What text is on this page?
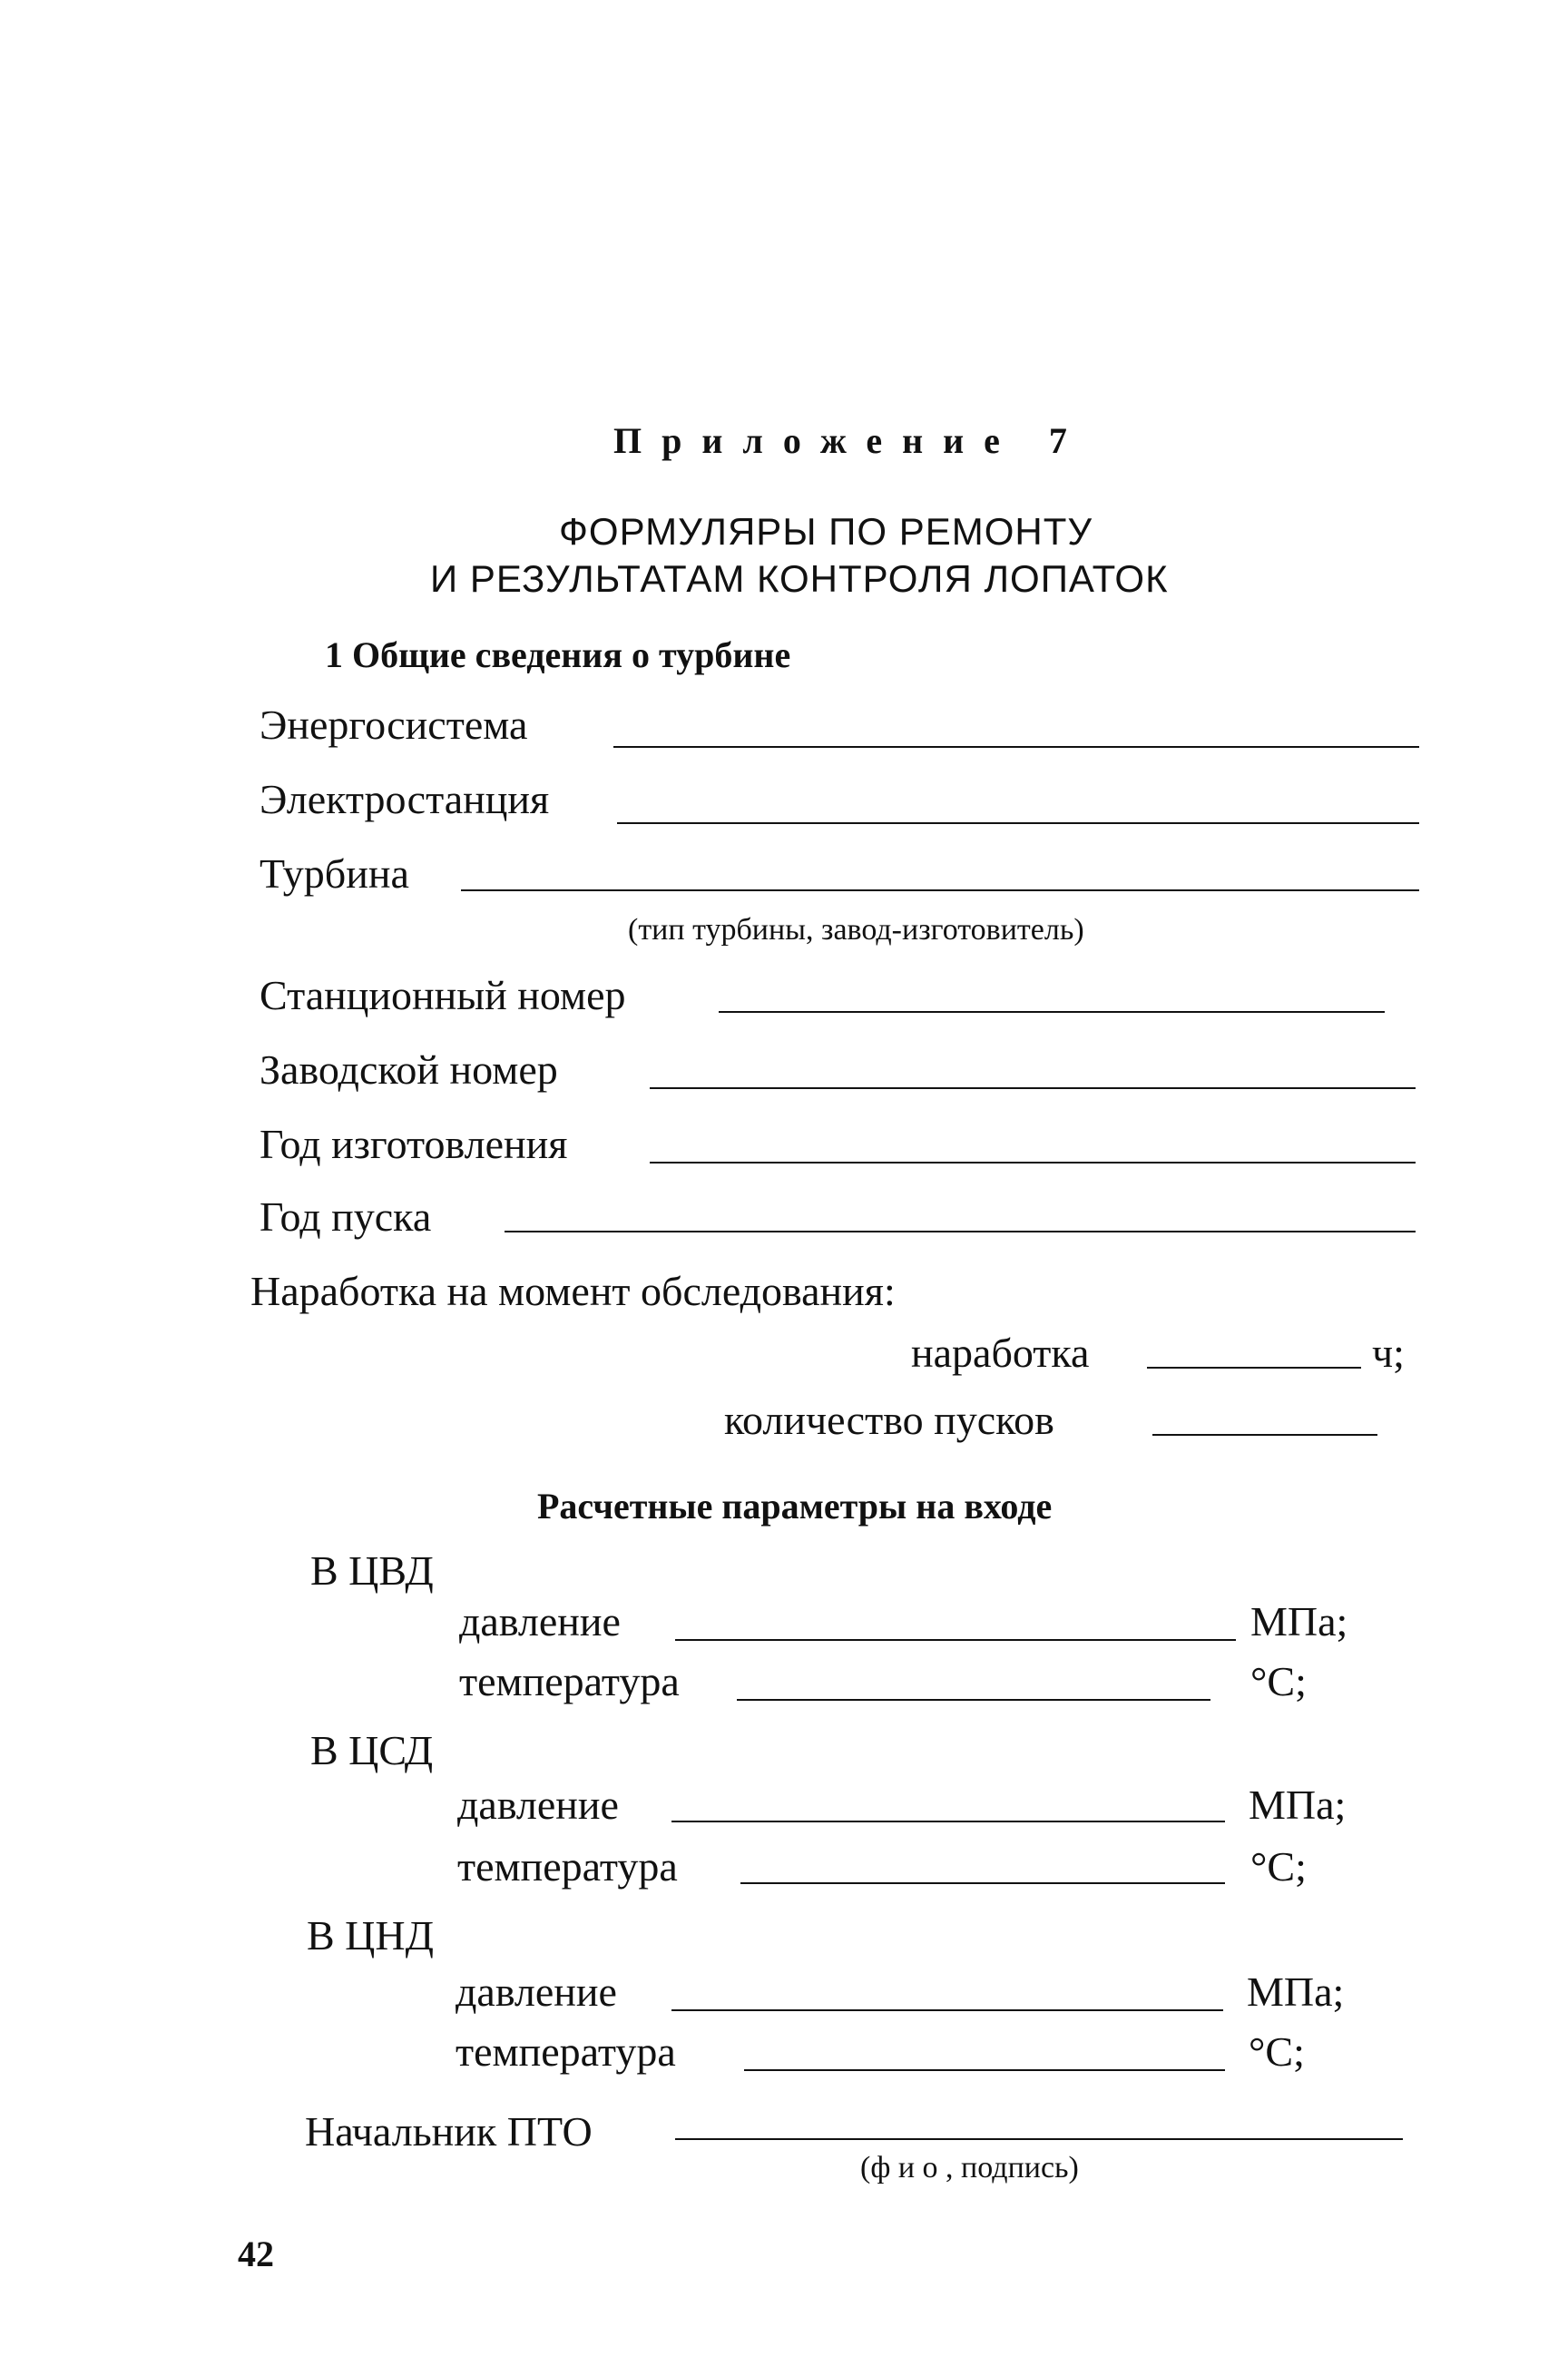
Приложение 7
ФОРМУЛЯРЫ ПО РЕМОНТУ
И РЕЗУЛЬТАТАМ КОНТРОЛЯ ЛОПАТОК
1 Общие сведения о турбине
Энергосистема
Электростанция
Турбина
(тип турбины, завод-изготовитель)
Станционный номер
Заводской номер
Год изготовления
Год пуска
Наработка на момент обследования:
наработка	ч;
количество пусков
Расчетные параметры на входе
В ЦВД
давление	МПа;
температура	°С;
В ЦСД
давление	МПа;
температура	°С;
В ЦНД
давление	МПа;
температура	°С;
Начальник ПТО
(ф и о , подпись)
42
